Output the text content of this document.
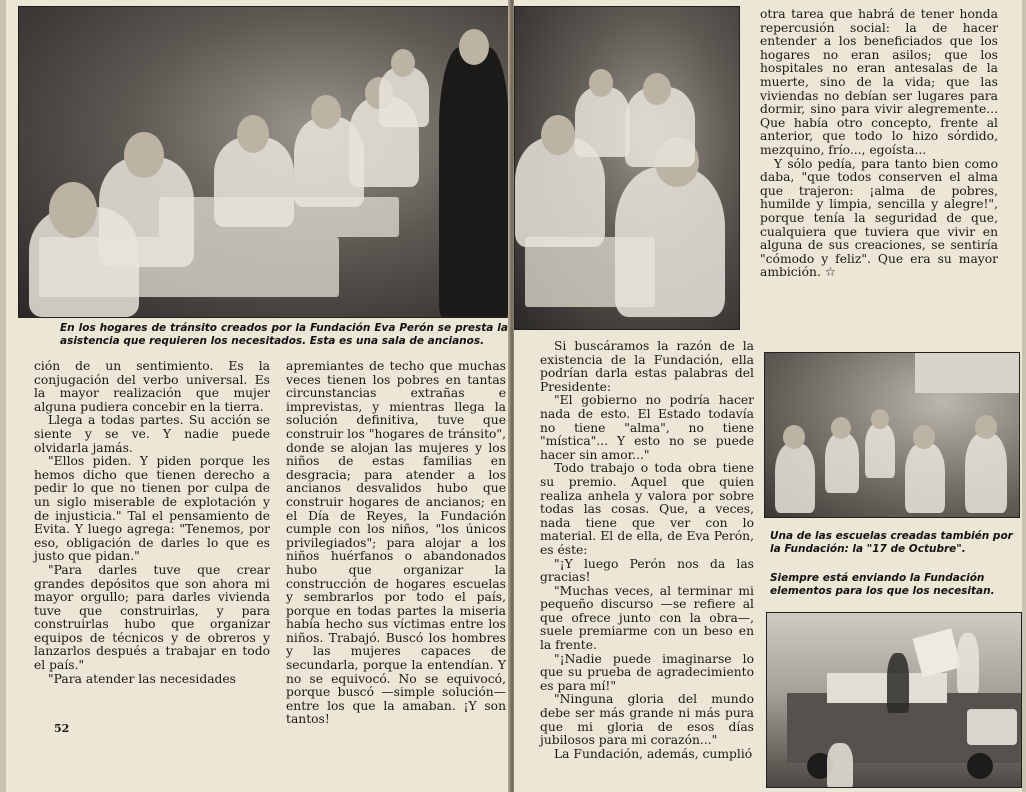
En los hogares de tránsito creados por la Fundación Eva Perón se presta la asistencia que requieren los necesitados. Esta es una sala de ancianos.

ción de un sentimiento. Es la conjugación del verbo universal. Es la mayor realización que mujer alguna pudiera concebir en la tierra.

Llega a todas partes. Su acción se siente y se ve. Y nadie puede olvidarla jamás.

"Ellos piden. Y piden porque les hemos dicho que tienen derecho a pedir lo que no tienen por culpa de un siglo miserable de explotación y de injusticia." Tal el pensamiento de Evita. Y luego agrega: "Tenemos, por eso, obligación de darles lo que es justo que pidan."

"Para darles tuve que crear grandes depósitos que son ahora mi mayor orgullo; para darles vivienda tuve que construirlas, y para construirlas hubo que organizar equipos de técnicos y de obreros y lanzarlos después a trabajar en todo el país."

"Para atender las necesidades

apremiantes de techo que muchas veces tienen los pobres en tantas circunstancias extrañas e imprevistas, y mientras llega la solución definitiva, tuve que construir los "hogares de tránsito", donde se alojan las mujeres y los niños de estas familias en desgracia; para atender a los ancianos desvalidos hubo que construir hogares de ancianos; en el Día de Reyes, la Fundación cumple con los niños, "los únicos privilegiados"; para alojar a los niños huérfanos o abandonados hubo que organizar la construcción de hogares escuelas y sembrarlos por todo el país, porque en todas partes la miseria había hecho sus víctimas entre los niños. Trabajó. Buscó los hombres y las mujeres capaces de secundarla, porque la entendían. Y no se equivocó. No se equivocó, porque buscó —simple solución— entre los que la amaban. ¡Y son tantos!

52

otra tarea que habrá de tener honda repercusión social: la de hacer entender a los beneficiados que los hogares no eran asilos; que los hospitales no eran antesalas de la muerte, sino de la vida; que las viviendas no debían ser lugares para dormir, sino para vivir alegremente... Que había otro concepto, frente al anterior, que todo lo hizo sórdido, mezquino, frío..., egoísta...

Y sólo pedía, para tanto bien como daba, "que todos conserven el alma que trajeron: ¡alma de pobres, humilde y limpia, sencilla y alegre!", porque tenía la seguridad de que, cualquiera que tuviera que vivir en alguna de sus creaciones, se sentiría "cómodo y feliz". Que era su mayor ambición. ☆

Si buscáramos la razón de la existencia de la Fundación, ella podrían darla estas palabras del Presidente:

"El gobierno no podría hacer nada de esto. El Estado todavía no tiene "alma", no tiene "mística"... Y esto no se puede hacer sin amor..."

Todo trabajo o toda obra tiene su premio. Aquel que quien realiza anhela y valora por sobre todas las cosas. Que, a veces, nada tiene que ver con lo material. El de ella, de Eva Perón, es éste:

"¡Y luego Perón nos da las gracias!

"Muchas veces, al terminar mi pequeño discurso —se refiere al que ofrece junto con la obra—, suele premiarme con un beso en la frente.

"¡Nadie puede imaginarse lo que su prueba de agradecimiento es para mí!"

"Ninguna gloria del mundo debe ser más grande ni más pura que mi gloria de esos días jubilosos para mi corazón..."

La Fundación, además, cumplió

Una de las escuelas creadas también por la Fundación: la "17 de Octubre".
Siempre está enviando la Fundación elementos para los que los necesitan.
